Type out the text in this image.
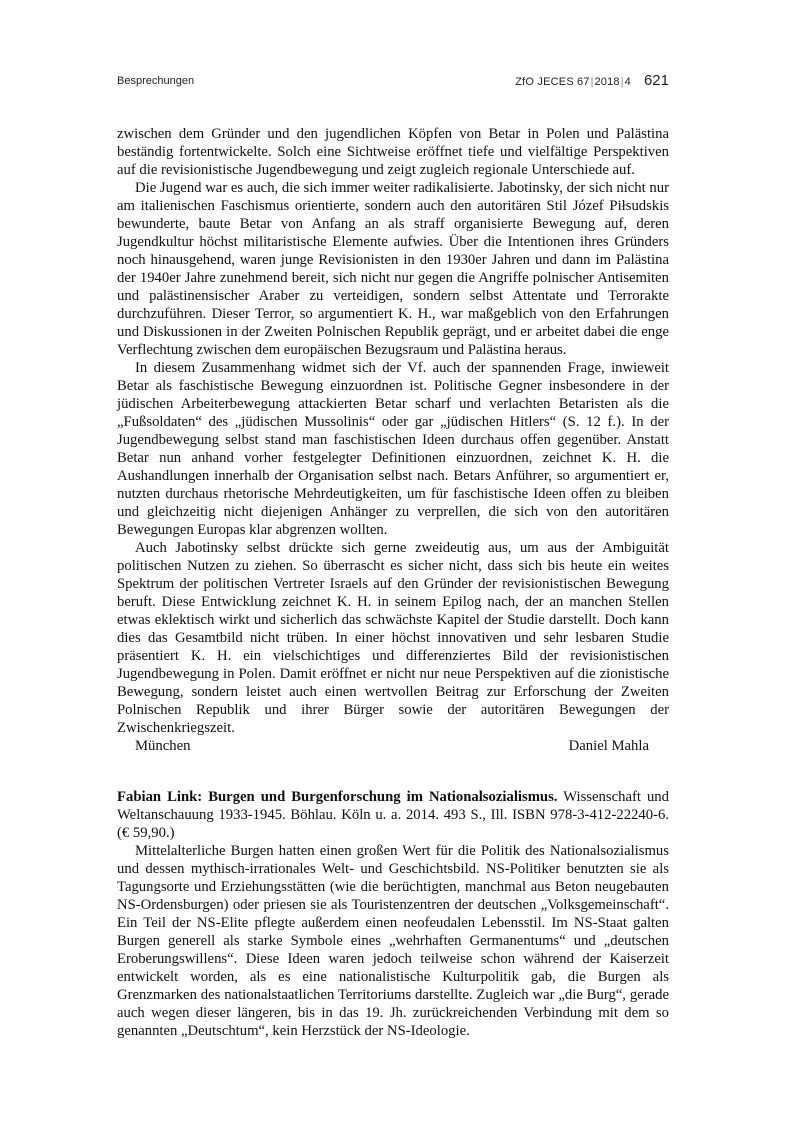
Besprechungen	ZfO JECES 67|2018|4 621

zwischen dem Gründer und den jugendlichen Köpfen von Betar in Polen und Palästina beständig fortentwickelte. Solch eine Sichtweise eröffnet tiefe und vielfältige Perspektiven auf die revisionistische Jugendbewegung und zeigt zugleich regionale Unterschiede auf.

Die Jugend war es auch, die sich immer weiter radikalisierte. Jabotinsky, der sich nicht nur am italienischen Faschismus orientierte, sondern auch den autoritären Stil Józef Piłsudskis bewunderte, baute Betar von Anfang an als straff organisierte Bewegung auf, deren Jugendkultur höchst militaristische Elemente aufwies. Über die Intentionen ihres Gründers noch hinausgehend, waren junge Revisionisten in den 1930er Jahren und dann im Palästina der 1940er Jahre zunehmend bereit, sich nicht nur gegen die Angriffe polnischer Antisemiten und palästinensischer Araber zu verteidigen, sondern selbst Attentate und Terrorakte durchzuführen. Dieser Terror, so argumentiert K. H., war maßgeblich von den Erfahrungen und Diskussionen in der Zweiten Polnischen Republik geprägt, und er arbeitet dabei die enge Verflechtung zwischen dem europäischen Bezugsraum und Palästina heraus.

In diesem Zusammenhang widmet sich der Vf. auch der spannenden Frage, inwieweit Betar als faschistische Bewegung einzuordnen ist. Politische Gegner insbesondere in der jüdischen Arbeiterbewegung attackierten Betar scharf und verlachten Betaristen als die „Fußsoldaten“ des „jüdischen Mussolinis“ oder gar „jüdischen Hitlers“ (S. 12 f.). In der Jugendbewegung selbst stand man faschistischen Ideen durchaus offen gegenüber. Anstatt Betar nun anhand vorher festgelegter Definitionen einzuordnen, zeichnet K. H. die Aushandlungen innerhalb der Organisation selbst nach. Betars Anführer, so argumentiert er, nutzten durchaus rhetorische Mehrdeutigkeiten, um für faschistische Ideen offen zu bleiben und gleichzeitig nicht diejenigen Anhänger zu verprellen, die sich von den autoritären Bewegungen Europas klar abgrenzen wollten.

Auch Jabotinsky selbst drückte sich gerne zweideutig aus, um aus der Ambiguität politischen Nutzen zu ziehen. So überrascht es sicher nicht, dass sich bis heute ein weites Spektrum der politischen Vertreter Israels auf den Gründer der revisionistischen Bewegung beruft. Diese Entwicklung zeichnet K. H. in seinem Epilog nach, der an manchen Stellen etwas eklektisch wirkt und sicherlich das schwächste Kapitel der Studie darstellt. Doch kann dies das Gesamtbild nicht trüben. In einer höchst innovativen und sehr lesbaren Studie präsentiert K. H. ein vielschichtiges und differenziertes Bild der revisionistischen Jugendbewegung in Polen. Damit eröffnet er nicht nur neue Perspektiven auf die zionistische Bewegung, sondern leistet auch einen wertvollen Beitrag zur Erforschung der Zweiten Polnischen Republik und ihrer Bürger sowie der autoritären Bewegungen der Zwischenkriegszeit.

München	Daniel Mahla

Fabian Link: Burgen und Burgenforschung im Nationalsozialismus. Wissenschaft und Weltanschauung 1933-1945. Böhlau. Köln u. a. 2014. 493 S., Ill. ISBN 978-3-412-22240-6. (€ 59,90.)

Mittelalterliche Burgen hatten einen großen Wert für die Politik des Nationalsozialismus und dessen mythisch-irrationales Welt- und Geschichtsbild. NS-Politiker benutzten sie als Tagungsorte und Erziehungsstätten (wie die berüchtigten, manchmal aus Beton neugebauten NS-Ordensburgen) oder priesen sie als Touristenzentren der deutschen „Volksgemeinschaft“. Ein Teil der NS-Elite pflegte außerdem einen neofeudalen Lebensstil. Im NS-Staat galten Burgen generell als starke Symbole eines „wehrhaften Germanentums“ und „deutschen Eroberungswillens“. Diese Ideen waren jedoch teilweise schon während der Kaiserzeit entwickelt worden, als es eine nationalistische Kulturpolitik gab, die Burgen als Grenzmarken des nationalstaatlichen Territoriums darstellte. Zugleich war „die Burg“, gerade auch wegen dieser längeren, bis in das 19. Jh. zurückreichenden Verbindung mit dem so genannten „Deutschtum“, kein Herzstück der NS-Ideologie.
